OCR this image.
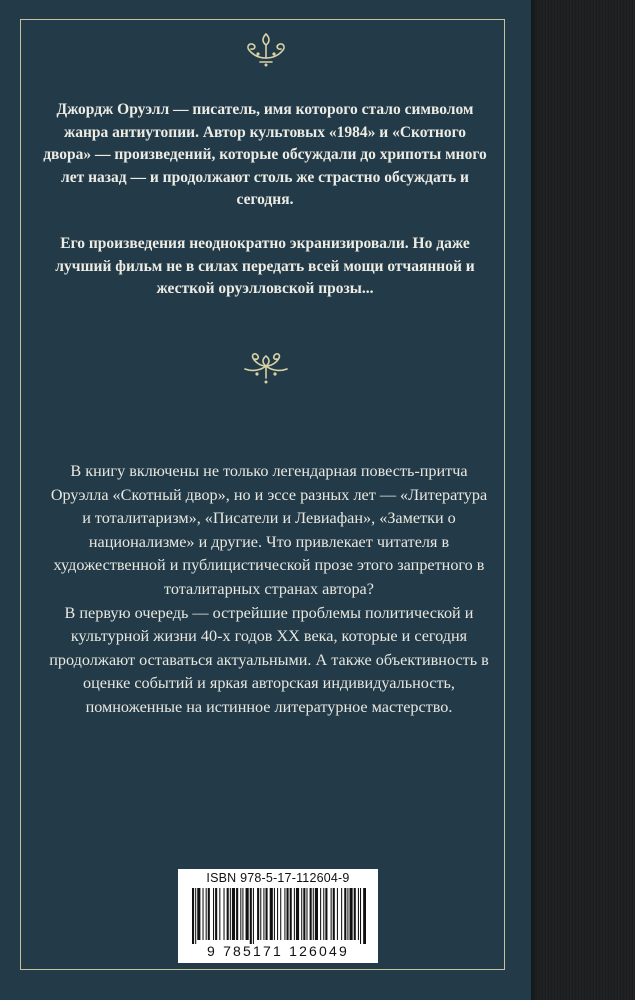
Джордж Оруэлл — писатель, имя которого стало символом жанра антиутопии. Автор культовых «1984» и «Скотного двора» — произведений, которые обсуждали до хрипоты много лет назад — и продолжают столь же страстно обсуждать и сегодня.

Его произведения неоднократно экранизировали. Но даже лучший фильм не в силах передать всей мощи отчаянной и жесткой оруэлловской прозы...

В книгу включены не только легендарная повесть-притча Оруэлла «Скотный двор», но и эссе разных лет — «Литература и тоталитаризм», «Писатели и Левиафан», «Заметки о национализме» и другие. Что привлекает читателя в художественной и публицистической прозе этого запретного в тоталитарных странах автора?

В первую очередь — острейшие проблемы политической и культурной жизни 40-х годов XX века, которые и сегодня продолжают оставаться актуальными. А также объективность в оценке событий и яркая авторская индивидуальность, помноженные на истинное литературное мастерство.

ISBN 978-5-17-112604-9
9 785171 126049
